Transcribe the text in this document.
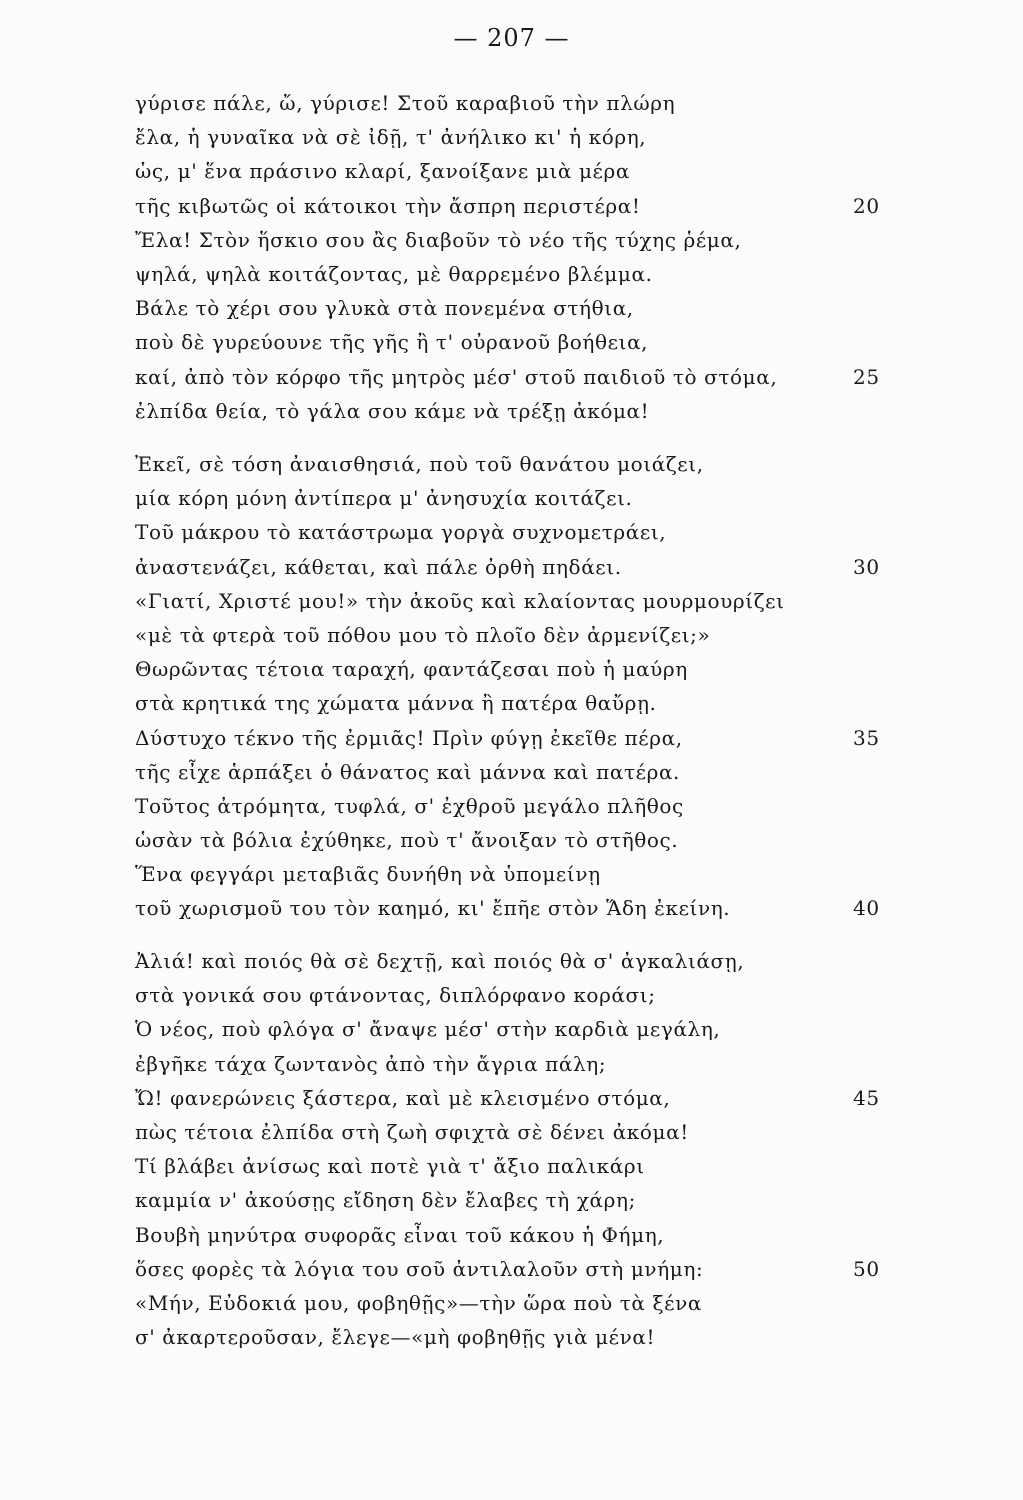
— 207 —
γύρισε πάλε, ὤ, γύρισε! Στοῦ καραβιοῦ τὴν πλώρη
ἔλα, ἡ γυναῖκα νὰ σὲ ἰδῇ, τ' ἀνήλικο κι' ἡ κόρη,
ὡς, μ' ἕνα πράσινο κλαρί, ξανοίξανε μιὰ μέρα
τῆς κιβωτῶς οἱ κάτοικοι τὴν ἄσπρη περιστέρα!	20
Ἔλα! Στὸν ἥσκιο σου ἂς διαβοῦν τὸ νέο τῆς τύχης ῥέμα,
ψηλά, ψηλὰ κοιτάζοντας, μὲ θαρρεμένο βλέμμα.
Βάλε τὸ χέρι σου γλυκὰ στὰ πονεμένα στήθια,
ποὺ δὲ γυρεύουνε τῆς γῆς ἢ τ' οὐρανοῦ βοήθεια,
καί, ἀπὸ τὸν κόρφο τῆς μητρὸς μέσ' στοῦ παιδιοῦ τὸ στόμα,	25
ἐλπίδα θεία, τὸ γάλα σου κάμε νὰ τρέξῃ ἀκόμα!
Ἐκεῖ, σὲ τόση ἀναισθησιά, ποὺ τοῦ θανάτου μοιάζει,
μία κόρη μόνη ἀντίπερα μ' ἀνησυχία κοιτάζει.
Τοῦ μάκρου τὸ κατάστρωμα γοργὰ συχνομετράει,
ἀναστενάζει, κάθεται, καὶ πάλε ὀρθὴ πηδάει.	30
«Γιατί, Χριστέ μου!» τὴν ἀκοῦς καὶ κλαίοντας μουρμουρίζει
«μὲ τὰ φτερὰ τοῦ πόθου μου τὸ πλοῖο δὲν ἀρμενίζει;»
Θωρῶντας τέτοια ταραχή, φαντάζεσαι ποὺ ἡ μαύρη
στὰ κρητικά της χώματα μάννα ἢ πατέρα θαὔρῃ.
Δύστυχο τέκνο τῆς ἐρμιᾶς! Πρὶν φύγῃ ἐκεῖθε πέρα,	35
τῆς εἶχε ἁρπάξει ὁ θάνατος καὶ μάννα καὶ πατέρα.
Τοῦτος ἀτρόμητα, τυφλά, σ' ἐχθροῦ μεγάλο πλῆθος
ὡσὰν τὰ βόλια ἐχύθηκε, ποὺ τ' ἄνοιξαν τὸ στῆθος.
Ἕνα φεγγάρι μεταβιᾶς δυνήθη νὰ ὑπομείνῃ
τοῦ χωρισμοῦ του τὸν καημό, κι' ἔπῆε στὸν Ἅδη ἐκείνη.	40
Ἀλιά! καὶ ποιός θὰ σὲ δεχτῇ, καὶ ποιός θὰ σ' ἀγκαλιάσῃ,
στὰ γονικά σου φτάνοντας, διπλόρφανο κοράσι;
Ὁ νέος, ποὺ φλόγα σ' ἄναψε μέσ' στὴν καρδιὰ μεγάλη,
ἐβγῆκε τάχα ζωντανὸς ἀπὸ τὴν ἄγρια πάλη;
Ὤ! φανερώνεις ξάστερα, καὶ μὲ κλεισμένο στόμα,	45
πὼς τέτοια ἐλπίδα στὴ ζωὴ σφιχτὰ σὲ δένει ἀκόμα!
Τί βλάβει ἀνίσως καὶ ποτὲ γιὰ τ' ἄξιο παλικάρι
καμμία ν' ἀκούσῃς εἴδηση δὲν ἔλαβες τὴ χάρη;
Βουβὴ μηνύτρα συφορᾶς εἶναι τοῦ κάκου ἡ Φήμη,
ὅσες φορὲς τὰ λόγια του σοῦ ἀντιλαλοῦν στὴ μνήμη:	50
«Μήν, Εὐδοκιά μου, φοβηθῇς»—τὴν ὥρα ποὺ τὰ ξένα
σ' ἀκαρτεροῦσαν, ἔλεγε—«μὴ φοβηθῇς γιὰ μένα!
